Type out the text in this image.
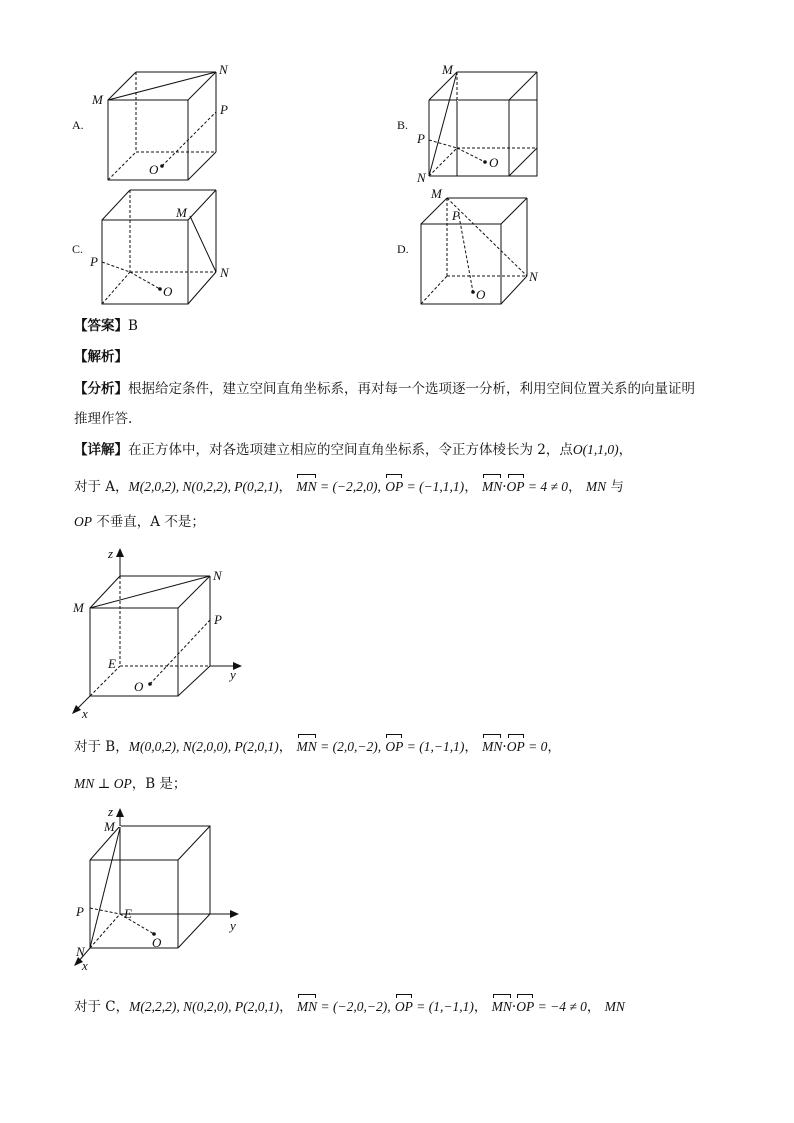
A.
M
N
P
O
B.
M
P
N
O
C.
M
P
N
O
D.
M
P
N
O
【答案】B
【解析】
【分析】根据给定条件，建立空间直角坐标系，再对每一个选项逐一分析，利用空间位置关系的向量证明
推理作答.
【详解】在正方体中，对各选项建立相应的空间直角坐标系，令正方体棱长为 2，点O(1,1,0)，
对于 A，M(2,0,2), N(0,2,2), P(0,2,1)， MN = (−2,2,0), OP = (−1,1,1)， MN·OP = 4 ≠ 0， MN 与
OP 不垂直，A 不是；
z
N
M
P
E
y
O
x
对于 B，M(0,0,2), N(2,0,0), P(2,0,1)， MN = (2,0,−2), OP = (1,−1,1)， MN·OP = 0，
MN ⊥ OP，B 是；
z
M
P	E
N
O
y
x
对于 C，M(2,2,2), N(0,2,0), P(2,0,1)， MN = (−2,0,−2), OP = (1,−1,1)， MN·OP = −4 ≠ 0， MN
